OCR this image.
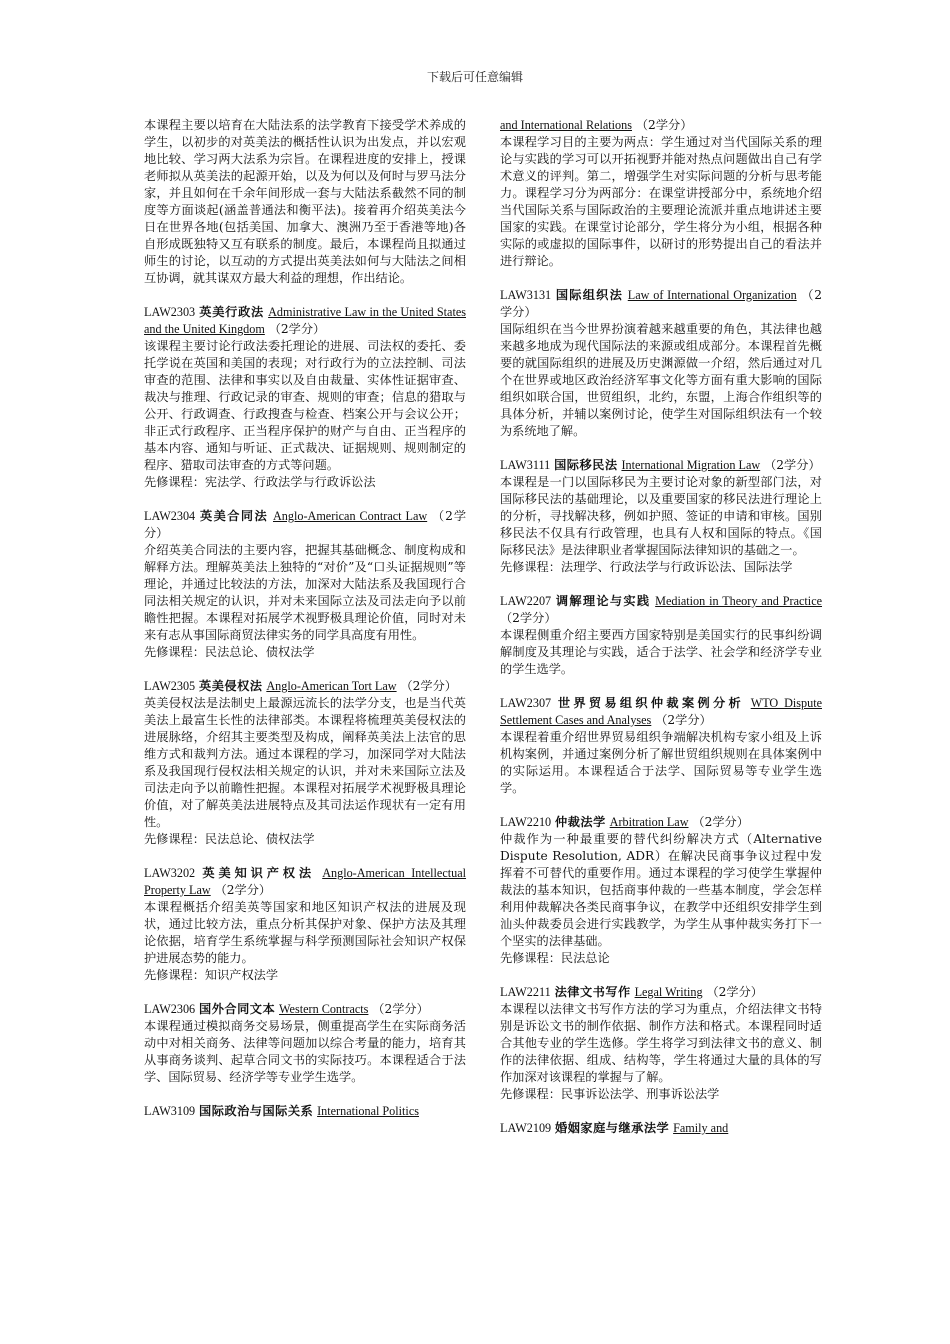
下载后可任意编辑

本课程主要以培育在大陆法系的法学教育下接受学术养成的学生，以初步的对英美法的概括性认识为出发点，并以宏观地比较、学习两大法系为宗旨。在课程进度的安排上，授课老师拟从英美法的起源开始，以及为何以及何时与罗马法分家，并且如何在千余年间形成一套与大陆法系截然不同的制度等方面谈起(涵盖普通法和衡平法)。接着再介绍英美法今日在世界各地(包括美国、加拿大、澳洲乃至于香港等地)各自形成既独特又互有联系的制度。最后，本课程尚且拟通过师生的讨论，以互动的方式提出英美法如何与大陆法之间相互协调，就其谋双方最大利益的理想，作出结论。

LAW2303 英美行政法 Administrative Law in the United States and the United Kingdom （2学分）

该课程主要讨论行政法委托理论的进展、司法权的委托、委托学说在英国和美国的表现；对行政行为的立法控制、司法审查的范围、法律和事实以及自由裁量、实体性证据审查、裁决与推理、行政记录的审查、规则的审查；信息的猎取与公开、行政调查、行政搜查与检查、档案公开与会议公开；非正式行政程序、正当程序保护的财产与自由、正当程序的基本内容、通知与听证、正式裁决、证据规则、规则制定的程序、猎取司法审查的方式等问题。

先修课程：宪法学、行政法学与行政诉讼法

LAW2304 英美合同法 Anglo-American Contract Law （2学分）

介绍英美合同法的主要内容，把握其基础概念、制度构成和解释方法。理解英美法上独特的“对价”及“口头证据规则”等理论，并通过比较法的方法，加深对大陆法系及我国现行合同法相关规定的认识，并对未来国际立法及司法走向予以前瞻性把握。本课程对拓展学术视野极具理论价值，同时对未来有志从事国际商贸法律实务的同学具高度有用性。

先修课程：民法总论、债权法学

LAW2305 英美侵权法 Anglo-American Tort Law （2学分）

英美侵权法是法制史上最源远流长的法学分支，也是当代英美法上最富生长性的法律部类。本课程将梳理英美侵权法的进展脉络，介绍其主要类型及构成，阐释英美法上法官的思维方式和裁判方法。通过本课程的学习，加深同学对大陆法系及我国现行侵权法相关规定的认识，并对未来国际立法及司法走向予以前瞻性把握。本课程对拓展学术视野极具理论价值，对了解英美法进展特点及其司法运作现状有一定有用性。

先修课程：民法总论、债权法学

LAW3202 英美知识产权法 Anglo-American Intellectual Property Law （2学分）

本课程概括介绍美英等国家和地区知识产权法的进展及现状，通过比较方法，重点分析其保护对象、保护方法及其理论依据，培育学生系统掌握与科学预测国际社会知识产权保护进展态势的能力。

先修课程：知识产权法学

LAW2306 国外合同文本 Western Contracts （2学分）

本课程通过模拟商务交易场景，侧重提高学生在实际商务活动中对相关商务、法律等问题加以综合考量的能力，培育其从事商务谈判、起草合同文书的实际技巧。本课程适合于法学、国际贸易、经济学等专业学生选学。

LAW3109 国际政治与国际关系 International Politics

and International Relations （2学分）

本课程学习目的主要为两点：学生通过对当代国际关系的理论与实践的学习可以开拓视野并能对热点问题做出自己有学术意义的评判。第二，增强学生对实际问题的分析与思考能力。课程学习分为两部分：在课堂讲授部分中，系统地介绍当代国际关系与国际政治的主要理论流派并重点地讲述主要国家的实践。在课堂讨论部分，学生将分为小组，根据各种实际的或虚拟的国际事件，以研讨的形势提出自己的看法并进行辩论。

LAW3131 国际组织法 Law of International Organization （2学分）

国际组织在当今世界扮演着越来越重要的角色，其法律也越来越多地成为现代国际法的来源或组成部分。本课程首先概要的就国际组织的进展及历史渊源做一介绍，然后通过对几个在世界或地区政治经济军事文化等方面有重大影响的国际组织如联合国，世贸组织，北约，东盟，上海合作组织等的具体分析，并辅以案例讨论，使学生对国际组织法有一个较为系统地了解。

LAW3111 国际移民法 International Migration Law （2学分）

本课程是一门以国际移民为主要讨论对象的新型部门法，对国际移民法的基础理论，以及重要国家的移民法进行理论上的分析，寻找解决移，例如护照、签证的申请和审核。国别移民法不仅具有行政管理，也具有人权和国际的特点。《国际移民法》是法律职业者掌握国际法律知识的基础之一。

先修课程：法理学、行政法学与行政诉讼法、国际法学

LAW2207 调解理论与实践 Mediation in Theory and Practice （2学分）

本课程侧重介绍主要西方国家特别是美国实行的民事纠纷调解制度及其理论与实践，适合于法学、社会学和经济学专业的学生选学。

LAW2307 世界贸易组织仲裁案例分析 WTO Dispute Settlement Cases and Analyses （2学分）

本课程着重介绍世界贸易组织争端解决机构专家小组及上诉机构案例，并通过案例分析了解世贸组织规则在具体案例中的实际运用。本课程适合于法学、国际贸易等专业学生选学。

LAW2210 仲裁法学 Arbitration Law （2学分）

仲裁作为一种最重要的替代纠纷解决方式（Alternative Dispute Resolution, ADR）在解决民商事争议过程中发挥着不可替代的重要作用。通过本课程的学习使学生掌握仲裁法的基本知识，包括商事仲裁的一些基本制度，学会怎样利用仲裁解决各类民商事争议，在教学中还组织安排学生到汕头仲裁委员会进行实践教学，为学生从事仲裁实务打下一个坚实的法律基础。

先修课程：民法总论

LAW2211 法律文书写作 Legal Writing （2学分）

本课程以法律文书写作方法的学习为重点，介绍法律文书特别是诉讼文书的制作依据、制作方法和格式。本课程同时适合其他专业的学生选修。学生将学习到法律文书的意义、制作的法律依据、组成、结构等，学生将通过大量的具体的写作加深对该课程的掌握与了解。

先修课程：民事诉讼法学、刑事诉讼法学

LAW2109 婚姻家庭与继承法学 Family and
